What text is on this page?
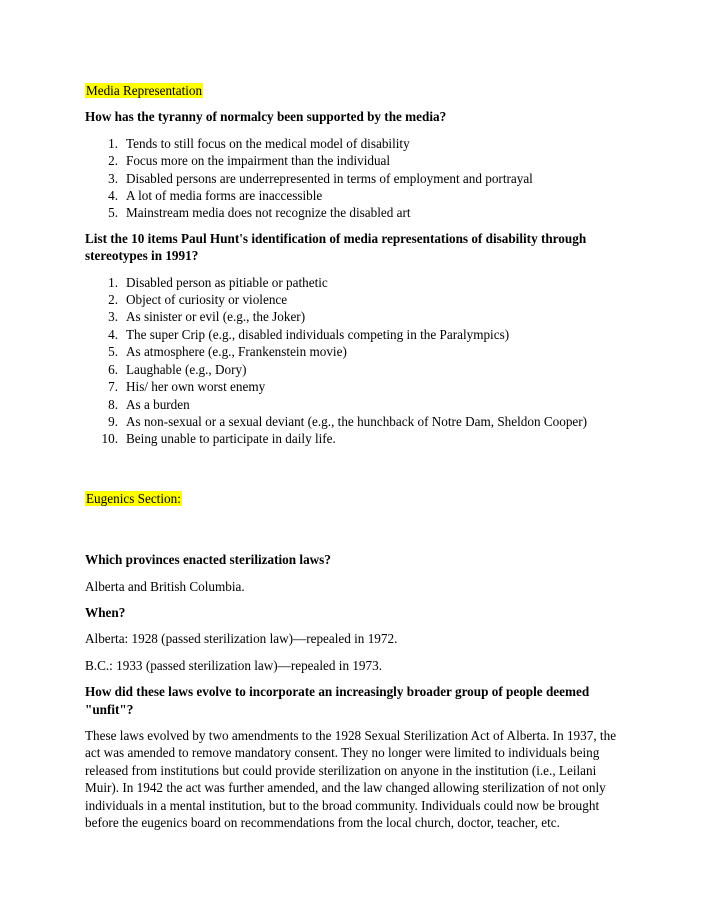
Media Representation
How has the tyranny of normalcy been supported by the media?
1. Tends to still focus on the medical model of disability
2. Focus more on the impairment than the individual
3. Disabled persons are underrepresented in terms of employment and portrayal
4. A lot of media forms are inaccessible
5. Mainstream media does not recognize the disabled art
List the 10 items Paul Hunt's identification of media representations of disability through stereotypes in 1991?
1. Disabled person as pitiable or pathetic
2. Object of curiosity or violence
3. As sinister or evil (e.g., the Joker)
4. The super Crip (e.g., disabled individuals competing in the Paralympics)
5. As atmosphere (e.g., Frankenstein movie)
6. Laughable (e.g., Dory)
7. His/ her own worst enemy
8. As a burden
9. As non-sexual or a sexual deviant (e.g., the hunchback of Notre Dam, Sheldon Cooper)
10. Being unable to participate in daily life.
Eugenics Section:
Which provinces enacted sterilization laws?

Alberta and British Columbia.

When?

Alberta: 1928 (passed sterilization law)—repealed in 1972.

B.C.: 1933 (passed sterilization law)—repealed in 1973.

How did these laws evolve to incorporate an increasingly broader group of people deemed "unfit"?

These laws evolved by two amendments to the 1928 Sexual Sterilization Act of Alberta. In 1937, the act was amended to remove mandatory consent. They no longer were limited to individuals being released from institutions but could provide sterilization on anyone in the institution (i.e., Leilani Muir). In 1942 the act was further amended, and the law changed allowing sterilization of not only individuals in a mental institution, but to the broad community. Individuals could now be brought before the eugenics board on recommendations from the local church, doctor, teacher, etc.
